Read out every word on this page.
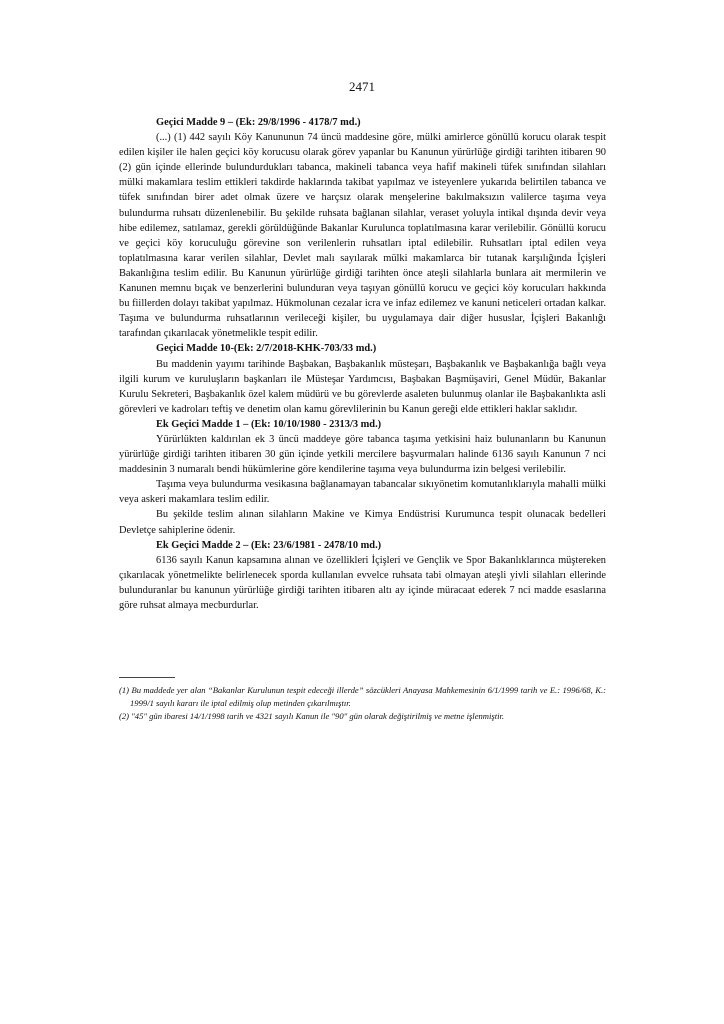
2471

Geçici Madde 9 – (Ek: 29/8/1996 - 4178/7 md.)

(...) (1) 442 sayılı Köy Kanununun 74 üncü maddesine göre, mülki amirlerce gönüllü korucu olarak tespit edilen kişiler ile halen geçici köy korucusu olarak görev yapanlar bu Kanunun yürürlüğe girdiği tarihten itibaren 90 (2) gün içinde ellerinde bulundurdukları tabanca, makineli tabanca veya hafif makineli tüfek sınıfından silahları mülki makamlara teslim ettikleri takdirde haklarında takibat yapılmaz ve isteyenlere yukarıda belirtilen tabanca ve tüfek sınıfından birer adet olmak üzere ve harçsız olarak menşelerine bakılmaksızın valilerce taşıma veya bulundurma ruhsatı düzenlenebilir. Bu şekilde ruhsata bağlanan silahlar, veraset yoluyla intikal dışında devir veya hibe edilemez, satılamaz, gerekli görüldüğünde Bakanlar Kurulunca toplatılmasına karar verilebilir. Gönüllü korucu ve geçici köy koruculuğu görevine son verilenlerin ruhsatları iptal edilebilir. Ruhsatları iptal edilen veya toplatılmasına karar verilen silahlar, Devlet malı sayılarak mülki makamlarca bir tutanak karşılığında İçişleri Bakanlığına teslim edilir. Bu Kanunun yürürlüğe girdiği tarihten önce ateşli silahlarla bunlara ait mermilerin ve Kanunen memnu bıçak ve benzerlerini bulunduran veya taşıyan gönüllü korucu ve geçici köy korucuları hakkında bu fiillerden dolayı takibat yapılmaz. Hükmolunan cezalar icra ve infaz edilemez ve kanuni neticeleri ortadan kalkar. Taşıma ve bulundurma ruhsatlarının verileceği kişiler, bu uygulamaya dair diğer hususlar, İçişleri Bakanlığı tarafından çıkarılacak yönetmelikle tespit edilir.

Geçici Madde 10-(Ek: 2/7/2018-KHK-703/33 md.)

Bu maddenin yayımı tarihinde Başbakan, Başbakanlık müsteşarı, Başbakanlık ve Başbakanlığa bağlı veya ilgili kurum ve kuruluşların başkanları ile Müsteşar Yardımcısı, Başbakan Başmüşaviri, Genel Müdür, Bakanlar Kurulu Sekreteri, Başbakanlık özel kalem müdürü ve bu görevlerde asaleten bulunmuş olanlar ile Başbakanlıkta asli görevleri ve kadroları teftiş ve denetim olan kamu görevlilerinin bu Kanun gereği elde ettikleri haklar saklıdır.

Ek Geçici Madde 1 – (Ek: 10/10/1980 - 2313/3 md.)

Yürürlükten kaldırılan ek 3 üncü maddeye göre tabanca taşıma yetkisini haiz bulunanların bu Kanunun yürürlüğe girdiği tarihten itibaren 30 gün içinde yetkili mercilere başvurmaları halinde 6136 sayılı Kanunun 7 nci maddesinin 3 numaralı bendi hükümlerine göre kendilerine taşıma veya bulundurma izin belgesi verilebilir.

Taşıma veya bulundurma vesikasına bağlanamayan tabancalar sıkıyönetim komutanlıklarıyla mahalli mülki veya askeri makamlara teslim edilir.

Bu şekilde teslim alınan silahların Makine ve Kimya Endüstrisi Kurumunca tespit olunacak bedelleri Devletçe sahiplerine ödenir.

Ek Geçici Madde 2 – (Ek: 23/6/1981 - 2478/10 md.)

6136 sayılı Kanun kapsamına alınan ve özellikleri İçişleri ve Gençlik ve Spor Bakanlıklarınca müştereken çıkarılacak yönetmelikte belirlenecek sporda kullanılan evvelce ruhsata tabi olmayan ateşli yivli silahları ellerinde bulunduranlar bu kanunun yürürlüğe girdiği tarihten itibaren altı ay içinde müracaat ederek 7 nci madde esaslarına göre ruhsat almaya mecburdurlar.

(1) Bu maddede yer alan “Bakanlar Kurulunun tespit edeceği illerde” sözcükleri Anayasa Mahkemesinin 6/1/1999 tarih ve E.: 1996/68, K.: 1999/1 sayılı kararı ile iptal edilmiş olup metinden çıkarılmıştır.

(2) "45" gün ibaresi 14/1/1998 tarih ve 4321 sayılı Kanun ile "90" gün olarak değiştirilmiş ve metne işlenmiştir.
